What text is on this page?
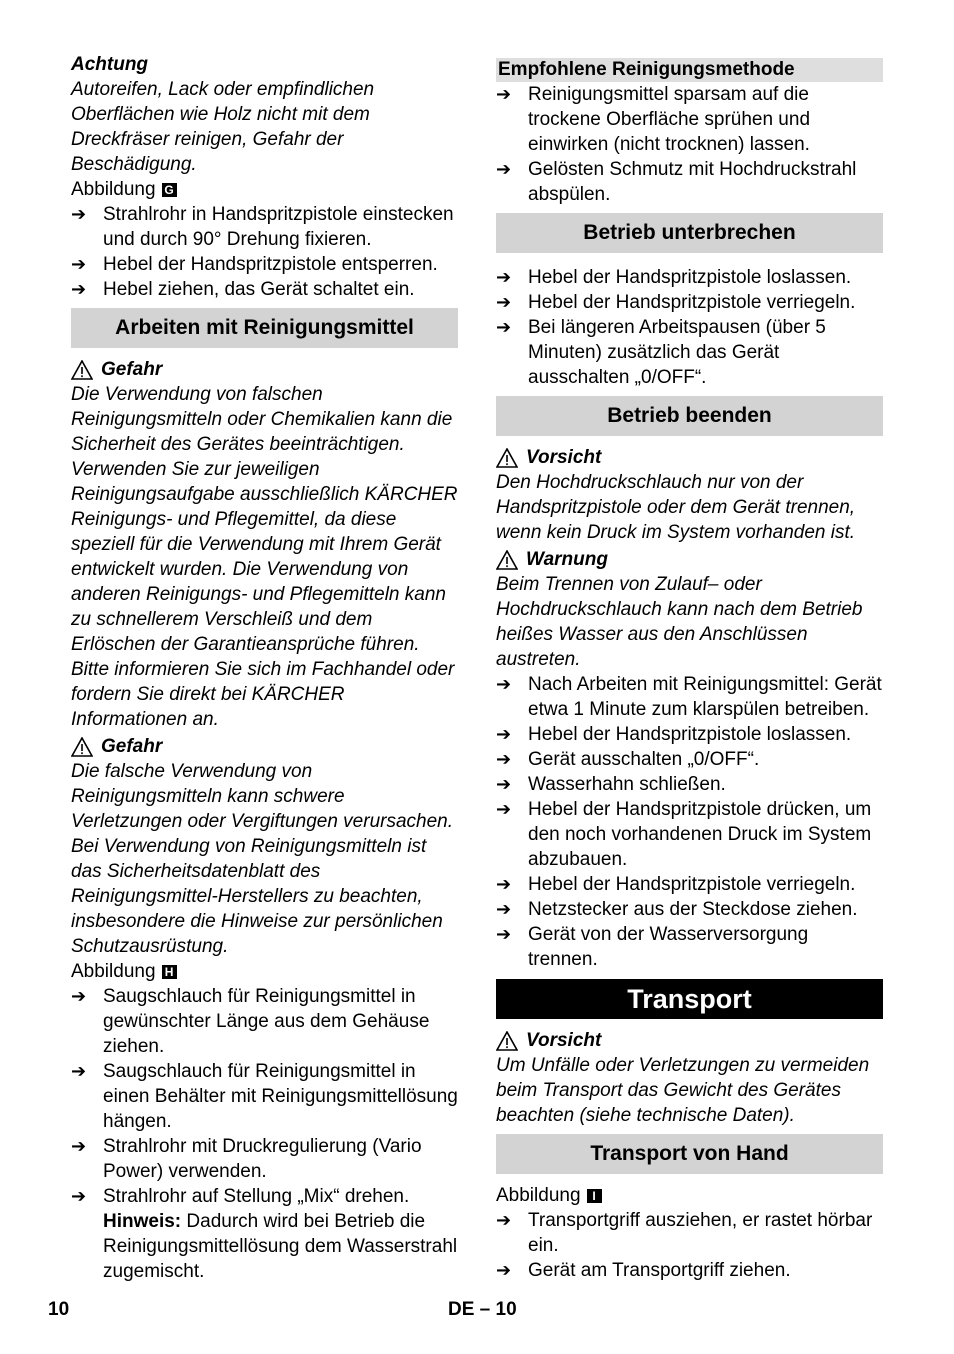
Achtung

Autoreifen, Lack oder empfindlichen Oberflächen wie Holz nicht mit dem Dreckfräser reinigen, Gefahr der Beschädigung.

Abbildung G
➔ Strahlrohr in Handspritzpistole einstecken und durch 90° Drehung fixieren.
➔ Hebel der Handspritzpistole entsperren.
➔ Hebel ziehen, das Gerät schaltet ein.
Arbeiten mit Reinigungsmittel
Gefahr

Die Verwendung von falschen Reinigungsmitteln oder Chemikalien kann die Sicherheit des Gerätes beeinträchtigen.

Verwenden Sie zur jeweiligen Reinigungsaufgabe ausschließlich KÄRCHER Reinigungs- und Pflegemittel, da diese speziell für die Verwendung mit Ihrem Gerät entwickelt wurden. Die Verwendung von anderen Reinigungs- und Pflegemitteln kann zu schnellerem Verschleiß und dem Erlöschen der Garantieansprüche führen. Bitte informieren Sie sich im Fachhandel oder fordern Sie direkt bei KÄRCHER Informationen an.

Gefahr

Die falsche Verwendung von Reinigungsmitteln kann schwere Verletzungen oder Vergiftungen verursachen.

Bei Verwendung von Reinigungsmitteln ist das Sicherheitsdatenblatt des Reinigungsmittel-Herstellers zu beachten, insbesondere die Hinweise zur persönlichen Schutzausrüstung.

Abbildung H
➔ Saugschlauch für Reinigungsmittel in gewünschter Länge aus dem Gehäuse ziehen.
➔ Saugschlauch für Reinigungsmittel in einen Behälter mit Reinigungsmittellösung hängen.
➔ Strahlrohr mit Druckregulierung (Vario Power) verwenden.
➔ Strahlrohr auf Stellung „Mix“ drehen.
Hinweis: Dadurch wird bei Betrieb die Reinigungsmittellösung dem Wasserstrahl zugemischt.
Empfohlene Reinigungsmethode
➔ Reinigungsmittel sparsam auf die trockene Oberfläche sprühen und einwirken (nicht trocknen) lassen.
➔ Gelösten Schmutz mit Hochdruckstrahl abspülen.
Betrieb unterbrechen
➔ Hebel der Handspritzpistole loslassen.
➔ Hebel der Handspritzpistole verriegeln.
➔ Bei längeren Arbeitspausen (über 5 Minuten) zusätzlich das Gerät ausschalten „0/OFF“.
Betrieb beenden
Vorsicht

Den Hochdruckschlauch nur von der Handspritzpistole oder dem Gerät trennen, wenn kein Druck im System vorhanden ist.

Warnung

Beim Trennen von Zulauf– oder Hochdruckschlauch kann nach dem Betrieb heißes Wasser aus den Anschlüssen austreten.

➔ Nach Arbeiten mit Reinigungsmittel: Gerät etwa 1 Minute zum klarspülen betreiben.
➔ Hebel der Handspritzpistole loslassen.
➔ Gerät ausschalten „0/OFF“.
➔ Wasserhahn schließen.
➔ Hebel der Handspritzpistole drücken, um den noch vorhandenen Druck im System abzubauen.
➔ Hebel der Handspritzpistole verriegeln.
➔ Netzstecker aus der Steckdose ziehen.
➔ Gerät von der Wasserversorgung trennen.
Transport
Vorsicht

Um Unfälle oder Verletzungen zu vermeiden beim Transport das Gewicht des Gerätes beachten (siehe technische Daten).

Transport von Hand
Abbildung I
➔ Transportgriff ausziehen, er rastet hörbar ein.
➔ Gerät am Transportgriff ziehen.
10	DE – 10
